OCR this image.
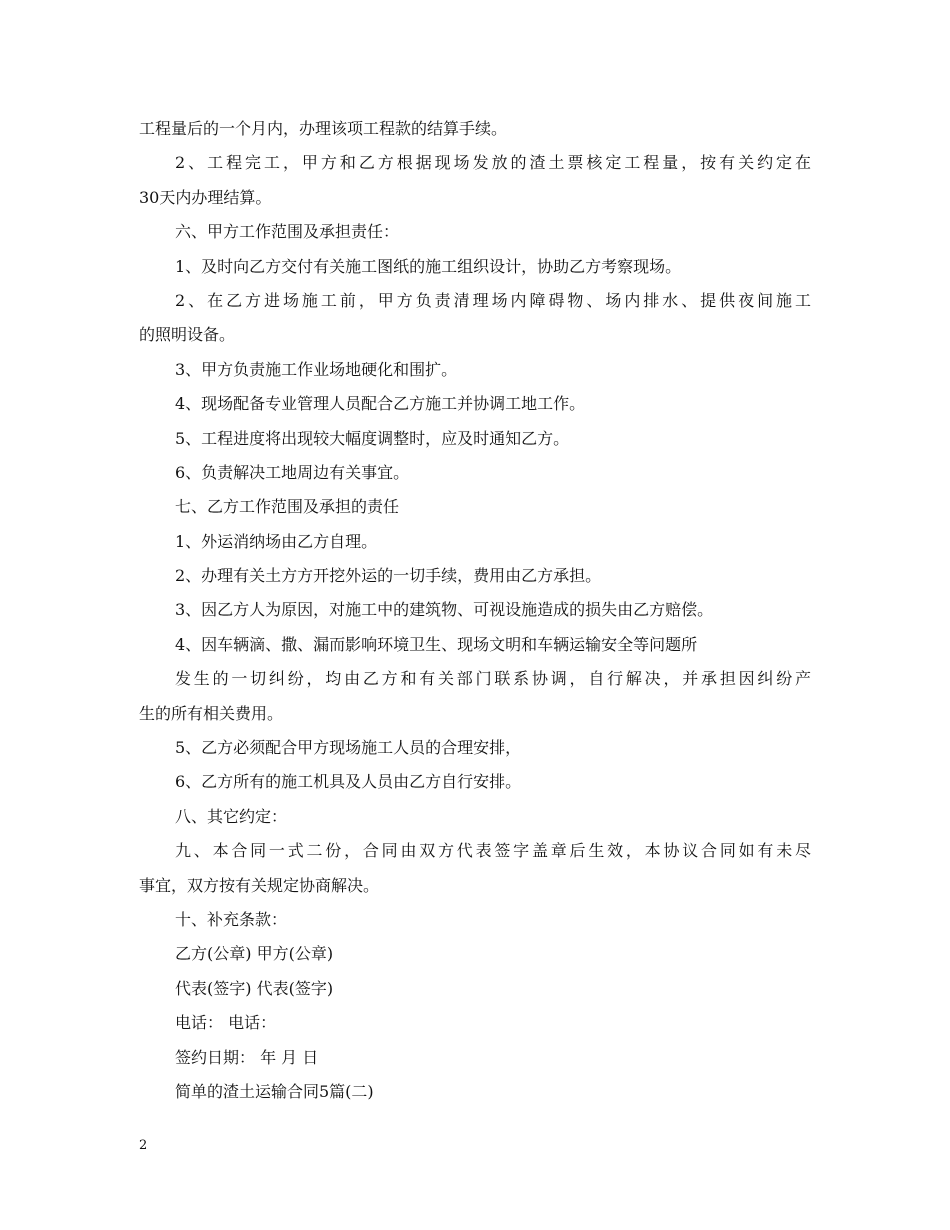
工程量后的一个月内，办理该项工程款的结算手续。
2、工程完工，甲方和乙方根据现场发放的渣土票核定工程量，按有关约定在
30天内办理结算。
六、甲方工作范围及承担责任：
1、及时向乙方交付有关施工图纸的施工组织设计，协助乙方考察现场。
2、在乙方进场施工前，甲方负责清理场内障碍物、场内排水、提供夜间施工
的照明设备。
3、甲方负责施工作业场地硬化和围扩。
4、现场配备专业管理人员配合乙方施工并协调工地工作。
5、工程进度将出现较大幅度调整时，应及时通知乙方。
6、负责解决工地周边有关事宜。
七、乙方工作范围及承担的责任
1、外运消纳场由乙方自理。
2、办理有关土方方开挖外运的一切手续，费用由乙方承担。
3、因乙方人为原因，对施工中的建筑物、可视设施造成的损失由乙方赔偿。
4、因车辆滴、撒、漏而影响环境卫生、现场文明和车辆运输安全等问题所
发生的一切纠纷，均由乙方和有关部门联系协调，自行解决，并承担因纠纷产
生的所有相关费用。
5、乙方必须配合甲方现场施工人员的合理安排，
6、乙方所有的施工机具及人员由乙方自行安排。
八、其它约定：
九、本合同一式二份，合同由双方代表签字盖章后生效，本协议合同如有未尽
事宜，双方按有关规定协商解决。
十、补充条款：
乙方(公章) 甲方(公章)
代表(签字) 代表(签字)
电话： 电话：
签约日期： 年 月 日
简单的渣土运输合同5篇(二)
2
